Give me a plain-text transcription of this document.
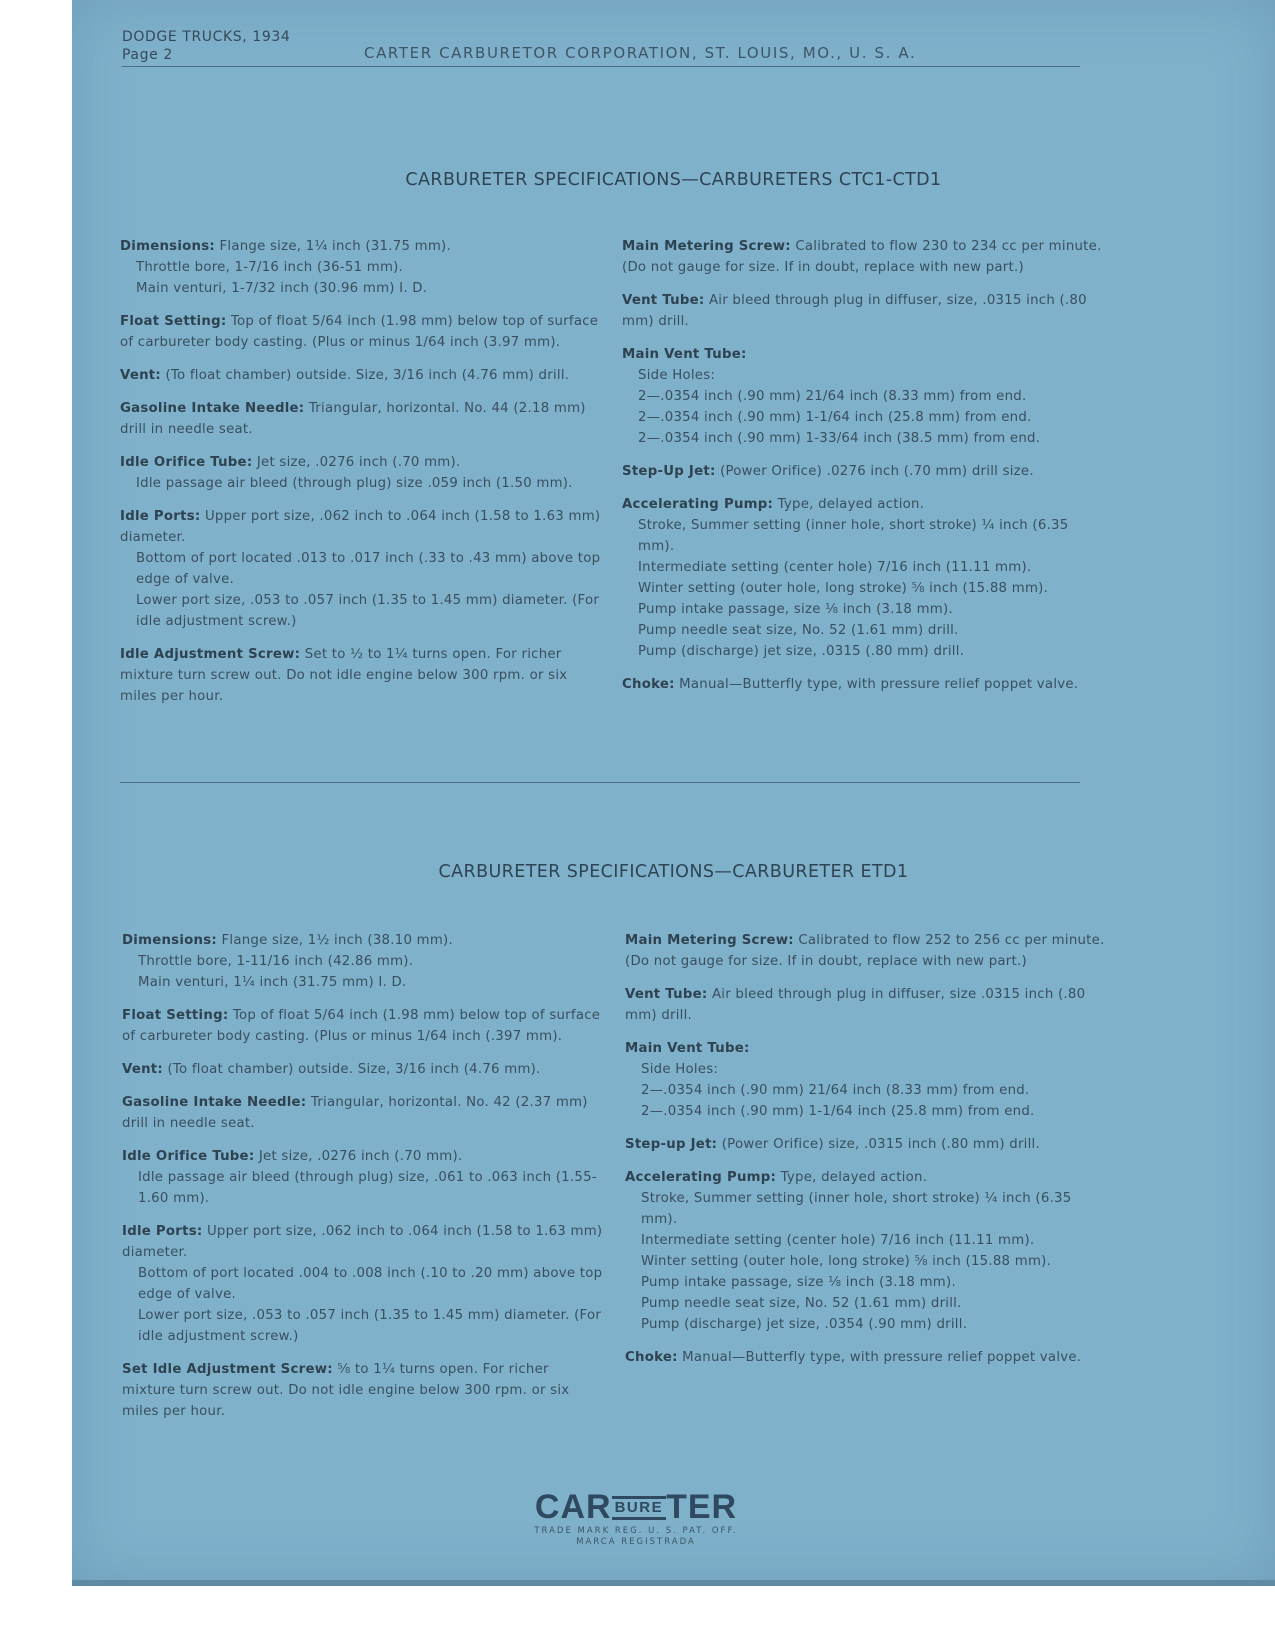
DODGE TRUCKS, 1934
Page 2	CARTER CARBURETOR CORPORATION, ST. LOUIS, MO., U. S. A.
CARBURETER SPECIFICATIONS—CARBURETERS CTC1-CTD1
Dimensions: Flange size, 1¼ inch (31.75 mm).
Throttle bore, 1-7/16 inch (36-51 mm).
Main venturi, 1-7/32 inch (30.96 mm) I. D.
Float Setting: Top of float 5/64 inch (1.98 mm) below top of surface of carbureter body casting. (Plus or minus 1/64 inch (3.97 mm).
Vent: (To float chamber) outside. Size, 3/16 inch (4.76 mm) drill.
Gasoline Intake Needle: Triangular, horizontal. No. 44 (2.18 mm) drill in needle seat.
Idle Orifice Tube: Jet size, .0276 inch (.70 mm).
Idle passage air bleed (through plug) size .059 inch (1.50 mm).
Idle Ports: Upper port size, .062 inch to .064 inch (1.58 to 1.63 mm) diameter.
Bottom of port located .013 to .017 inch (.33 to .43 mm) above top edge of valve.
Lower port size, .053 to .057 inch (1.35 to 1.45 mm) diameter. (For idle adjustment screw.)
Idle Adjustment Screw: Set to ½ to 1¼ turns open. For richer mixture turn screw out. Do not idle engine below 300 rpm. or six miles per hour.
Main Metering Screw: Calibrated to flow 230 to 234 cc per minute. (Do not gauge for size. If in doubt, replace with new part.)
Vent Tube: Air bleed through plug in diffuser, size, .0315 inch (.80 mm) drill.
Main Vent Tube:
Side Holes:
2—.0354 inch (.90 mm) 21/64 inch (8.33 mm) from end.
2—.0354 inch (.90 mm) 1-1/64 inch (25.8 mm) from end.
2—.0354 inch (.90 mm) 1-33/64 inch (38.5 mm) from end.
Step-Up Jet: (Power Orifice) .0276 inch (.70 mm) drill size.
Accelerating Pump: Type, delayed action.
Stroke, Summer setting (inner hole, short stroke) ¼ inch (6.35 mm).
Intermediate setting (center hole) 7/16 inch (11.11 mm).
Winter setting (outer hole, long stroke) ⅝ inch (15.88 mm).
Pump intake passage, size ⅛ inch (3.18 mm).
Pump needle seat size, No. 52 (1.61 mm) drill.
Pump (discharge) jet size, .0315 (.80 mm) drill.
Choke: Manual—Butterfly type, with pressure relief poppet valve.
CARBURETER SPECIFICATIONS—CARBURETER ETD1
Dimensions: Flange size, 1½ inch (38.10 mm).
Throttle bore, 1-11/16 inch (42.86 mm).
Main venturi, 1¼ inch (31.75 mm) I. D.
Float Setting: Top of float 5/64 inch (1.98 mm) below top of surface of carbureter body casting. (Plus or minus 1/64 inch (.397 mm).
Vent: (To float chamber) outside. Size, 3/16 inch (4.76 mm).
Gasoline Intake Needle: Triangular, horizontal. No. 42 (2.37 mm) drill in needle seat.
Idle Orifice Tube: Jet size, .0276 inch (.70 mm).
Idle passage air bleed (through plug) size, .061 to .063 inch (1.55-1.60 mm).
Idle Ports: Upper port size, .062 inch to .064 inch (1.58 to 1.63 mm) diameter.
Bottom of port located .004 to .008 inch (.10 to .20 mm) above top edge of valve.
Lower port size, .053 to .057 inch (1.35 to 1.45 mm) diameter. (For idle adjustment screw.)
Set Idle Adjustment Screw: ⅝ to 1¼ turns open. For richer mixture turn screw out. Do not idle engine below 300 rpm. or six miles per hour.
Main Metering Screw: Calibrated to flow 252 to 256 cc per minute. (Do not gauge for size. If in doubt, replace with new part.)
Vent Tube: Air bleed through plug in diffuser, size .0315 inch (.80 mm) drill.
Main Vent Tube:
Side Holes:
2—.0354 inch (.90 mm) 21/64 inch (8.33 mm) from end.
2—.0354 inch (.90 mm) 1-1/64 inch (25.8 mm) from end.
Step-up Jet: (Power Orifice) size, .0315 inch (.80 mm) drill.
Accelerating Pump: Type, delayed action.
Stroke, Summer setting (inner hole, short stroke) ¼ inch (6.35 mm).
Intermediate setting (center hole) 7/16 inch (11.11 mm).
Winter setting (outer hole, long stroke) ⅝ inch (15.88 mm).
Pump intake passage, size ⅛ inch (3.18 mm).
Pump needle seat size, No. 52 (1.61 mm) drill.
Pump (discharge) jet size, .0354 (.90 mm) drill.
Choke: Manual—Butterfly type, with pressure relief poppet valve.
CAR BURETER
TRADE MARK REG. U. S. PAT. OFF.
MARCA REGISTRADA
